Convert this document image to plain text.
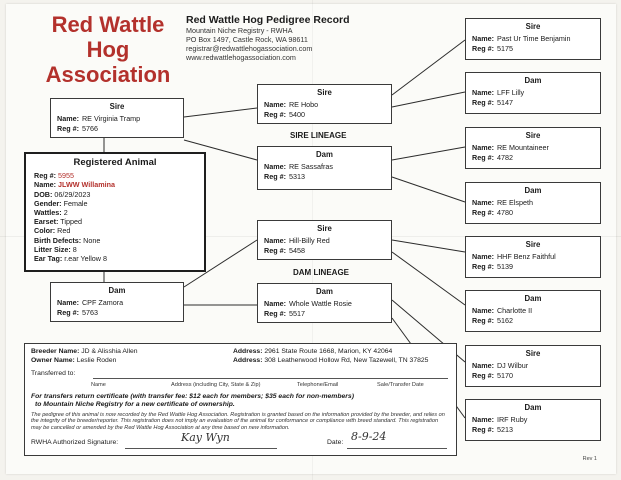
Red Wattle
Hog Association
Red Wattle Hog Pedigree Record
Mountain Niche Registry - RWHA
PO Box 1497, Castle Rock, WA 98611
registrar@redwattlehogassociation.com
www.redwattlehogassociation.com
Sire
Name: RE Virginia Tramp
Reg #: 5766
Registered Animal
Reg #: 5955
Name: JLWW Willamina
DOB: 06/29/2023
Gender: Female
Wattles: 2
Earset: Tipped
Color: Red
Birth Defects: None
Litter Size: 8
Ear Tag: r.ear Yellow 8
Dam
Name: CPF Zamora
Reg #: 5763
Sire
Name: RE Hobo
Reg #: 5400
SIRE LINEAGE
Dam
Name: RE Sassafras
Reg #: 5313
Sire
Name: Hill-Billy Red
Reg #: 5458
DAM LINEAGE
Dam
Name: Whole Wattle Rosie
Reg #: 5517
Sire
Name: Past Ur Time Benjamin
Reg #: 5175
Dam
Name: LFF Lilly
Reg #: 5147
Sire
Name: RE Mountaineer
Reg #: 4782
Dam
Name: RE Elspeth
Reg #: 4780
Sire
Name: HHF Benz Faithful
Reg #: 5139
Dam
Name: Charlotte II
Reg #: 5162
Sire
Name: DJ Wilbur
Reg #: 5170
Dam
Name: IRF Ruby
Reg #: 5213
Breeder Name: JD & Alisshia Allen	Address: 2961 State Route 1668, Marion, KY 42064
Owner Name: Leslie Roden	Address: 308 Leatherwood Hollow Rd, New Tazewell, TN 37825
Transferred to:
Name	Address (including City, State & Zip)	Telephone/Email	Sale/Transfer Date
For transfers return certificate (with transfer fee: $12 each for members; $35 each for non-members)
to Mountain Niche Registry for a new certificate of ownership.
The pedigree of this animal is now recorded by the Red Wattle Hog Association. Registration is granted based on the information provided by the breeder, and relies on the integrity of the breeder/reporter. This registration does not imply an evaluation of the animal for conformance or compliance with breed standard. This registration may be cancelled or amended by the Red Wattle Hog Association at any time based on new information.
RWHA Authorized Signature:	Kay Wyn	Date: 8-9-24
Rev 1
